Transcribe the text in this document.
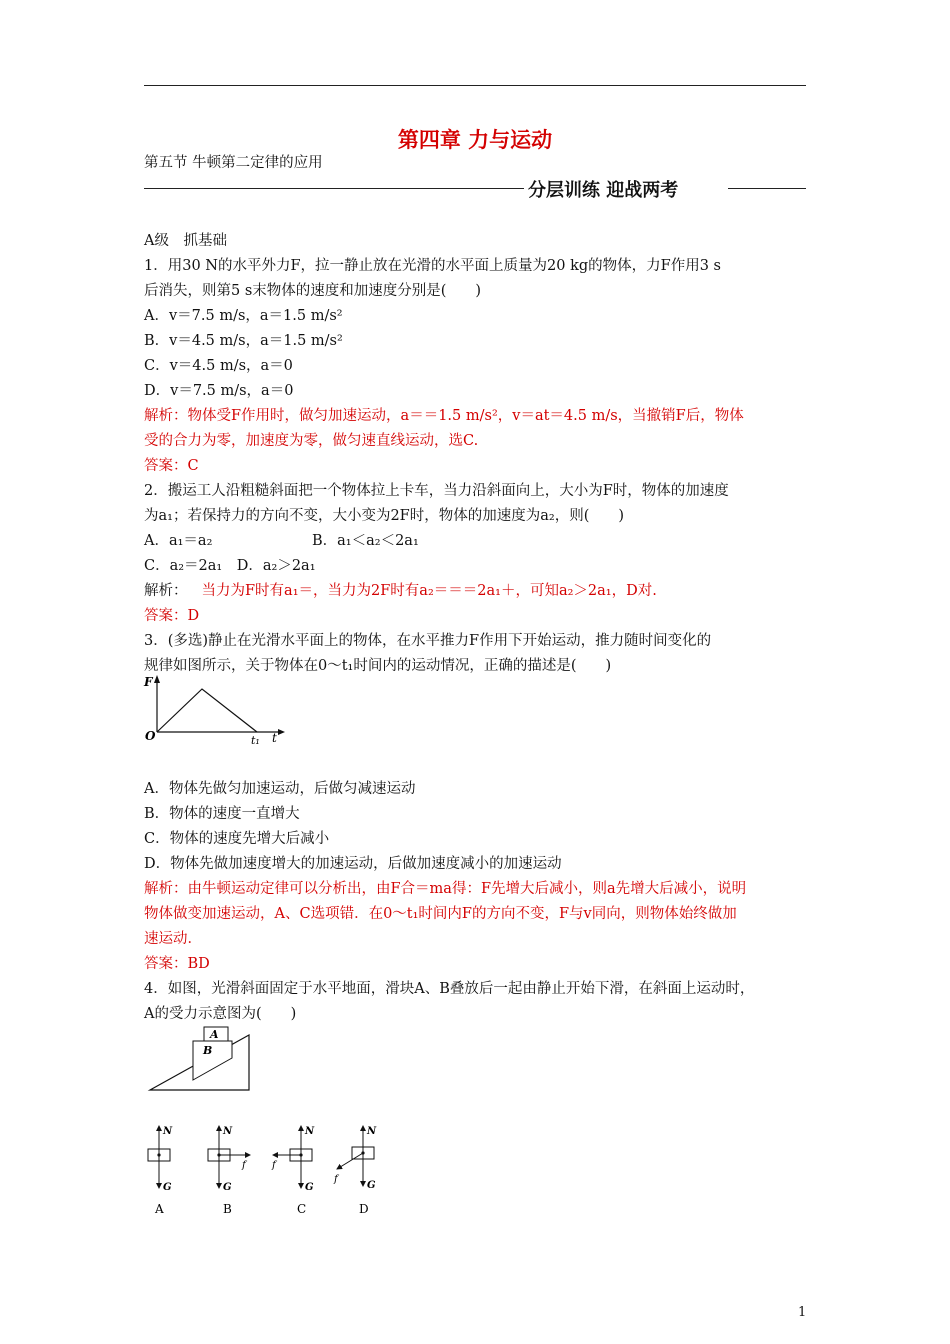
第四章 力与运动
第五节 牛顿第二定律的应用
分层训练 迎战两考
A级　抓基础
1．用30 N的水平外力F，拉一静止放在光滑的水平面上质量为20 kg的物体，力F作用3 s
后消失，则第5 s末物体的速度和加速度分别是(　　)
A．v＝7.5 m/s，a＝1.5 m/s²
B．v＝4.5 m/s，a＝1.5 m/s²
C．v＝4.5 m/s，a＝0
D．v＝7.5 m/s，a＝0
解析：物体受F作用时，做匀加速运动，a＝＝1.5 m/s²，v＝at＝4.5 m/s，当撤销F后，物体
受的合力为零，加速度为零，做匀速直线运动，选C.
答案：C
2．搬运工人沿粗糙斜面把一个物体拉上卡车，当力沿斜面向上，大小为F时，物体的加速度
为a₁；若保持力的方向不变，大小变为2F时，物体的加速度为a₂，则(　　)
A．a₁＝a₂	B．a₁＜a₂＜2a₁
C．a₂＝2a₁　D．a₂＞2a₁
解析： 当力为F时有a₁＝，当力为2F时有a₂＝＝＝2a₁＋，可知a₂＞2a₁，D对.
答案：D
3．(多选)静止在光滑水平面上的物体，在水平推力F作用下开始运动，推力随时间变化的
规律如图所示，关于物体在0～t₁时间内的运动情况，正确的描述是(　　)
F
O	t₁ t
A．物体先做匀加速运动，后做匀减速运动
B．物体的速度一直增大
C．物体的速度先增大后减小
D．物体先做加速度增大的加速运动，后做加速度减小的加速运动
解析：由牛顿运动定律可以分析出，由F合＝ma得：F先增大后减小，则a先增大后减小，说明
物体做变加速运动，A、C选项错．在0～t₁时间内F的方向不变，F与v同向，则物体始终做加
速运动．
答案：BD
4．如图，光滑斜面固定于水平地面，滑块A、B叠放后一起由静止开始下滑，在斜面上运动时，
A的受力示意图为(　　)
A
B
N
G
A
N
G
f
B
N
G
f
C
N
G
f
D
1
